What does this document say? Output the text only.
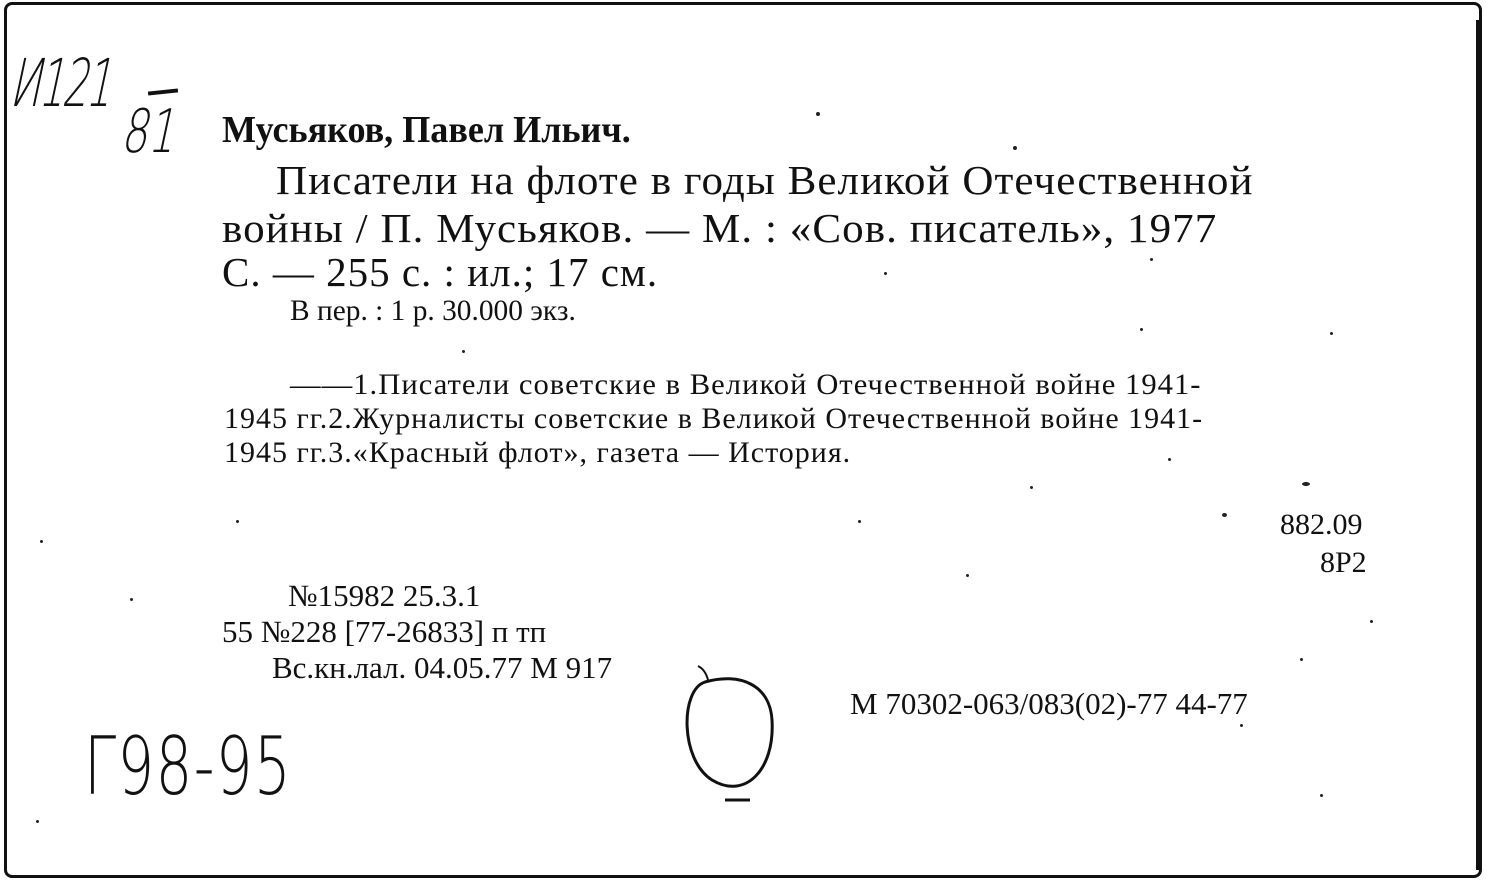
И121
81 Мусьяков, Павел Ильич.
Писатели на флоте в годы Великой Отечественной
войны / П. Мусьяков. — М. : «Сов. писатель», 1977
С. — 255 с. : ил.; 17 см.
В пер. : 1 р. 30.000 экз.
——1.Писатели советские в Великой Отечественной войне 1941-
1945 гг.2.Журналисты советские в Великой Отечественной войне 1941-
1945 гг.3.«Красный флот», газета — История.
882.09
8Р2
№15982 25.3.1
55 №228 [77-26833] п тп
Вс.кн.лал. 04.05.77 М 917
М 70302-063/083(02)-77 44-77
Г98-95
